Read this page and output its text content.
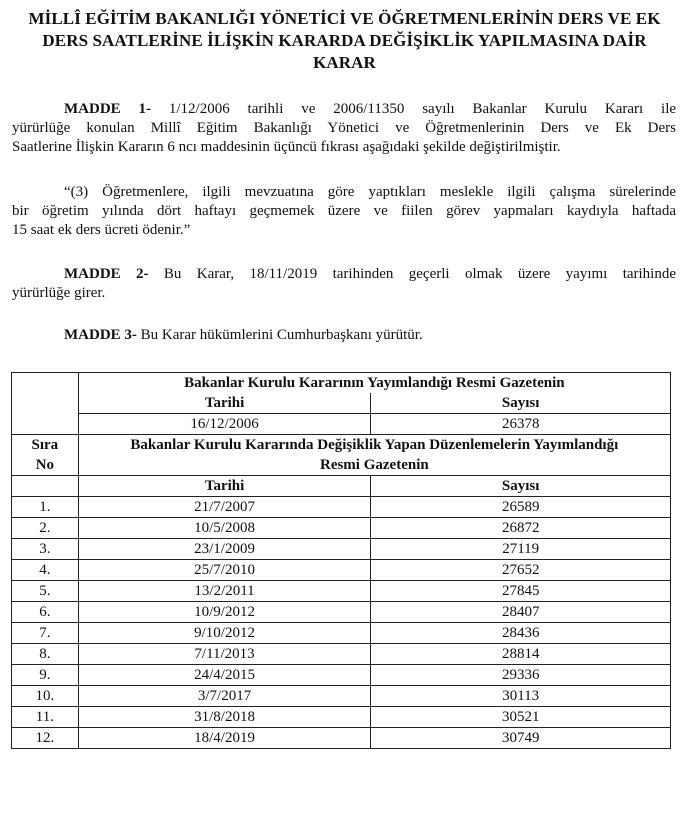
MİLLÎ EĞİTİM BAKANLIĞI YÖNETİCİ VE ÖĞRETMENLERİNİN DERS VE EK
DERS SAATLERİNE İLİŞKİN KARARDA DEĞİŞİKLİK YAPILMASINA DAİR
KARAR
MADDE 1- 1/12/2006 tarihli ve 2006/11350 sayılı Bakanlar Kurulu Kararı ile
yürürlüğe konulan Millî Eğitim Bakanlığı Yönetici ve Öğretmenlerinin Ders ve Ek Ders
Saatlerine İlişkin Kararın 6 ncı maddesinin üçüncü fıkrası aşağıdaki şekilde değiştirilmiştir.
“(3) Öğretmenlere, ilgili mevzuatına göre yaptıkları meslekle ilgili çalışma sürelerinde
bir öğretim yılında dört haftayı geçmemek üzere ve fiilen görev yapmaları kaydıyla haftada
15 saat ek ders ücreti ödenir.”
MADDE 2- Bu Karar, 18/11/2019 tarihinden geçerli olmak üzere yayımı tarihinde
yürürlüğe girer.
MADDE 3- Bu Karar hükümlerini Cumhurbaşkanı yürütür.
	Bakanlar Kurulu Kararının Yayımlandığı Resmi Gazetenin	
	Tarihi	Sayısı
	16/12/2006	26378
Sıra
No	Bakanlar Kurulu Kararında Değişiklik Yapan Düzenlemelerin Yayımlandığı	
	Resmi Gazetenin	
	Tarihi	Sayısı
1.	21/7/2007	26589
2.	10/5/2008	26872
3.	23/1/2009	27119
4.	25/7/2010	27652
5.	13/2/2011	27845
6.	10/9/2012	28407
7.	9/10/2012	28436
8.	7/11/2013	28814
9.	24/4/2015	29336
10.	3/7/2017	30113
11.	31/8/2018	30521
12.	18/4/2019	30749
